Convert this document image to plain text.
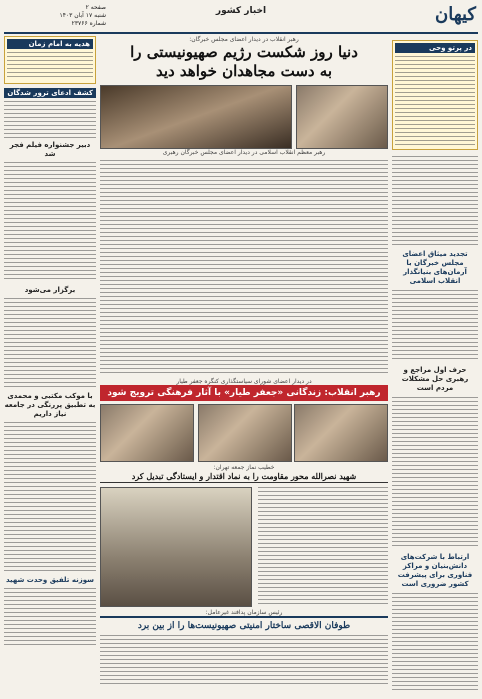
کیهان
اخبار کشور
صفحه ۲
شنبه ۱۷ آبان ۱۴۰۳
شماره ۲۳۷۶۶
در پرتو وحی
تجدید میثاق اعضای مجلس خبرگان با آرمان‌های بنیانگذار انقلاب اسلامی
حرف اول مراجع و رهبری حل مشکلات مردم است
ارتباط با شرکت‌های دانش‌بنیان و مراکز فناوری برای پیشرفت کشور ضروری است
هدیه به امام زمان
کشف ادعای ترور شدگان
دبیر جشنواره فیلم فجر شد
برگزار می‌شود
با موکب مکتبی و محمدی به تطبیق پررنگی در جامعه نیاز داریم
سوزنه تلفیق وحدت شهید
رهبر انقلاب در دیدار اعضای مجلس خبرگان:
دنیا روز شکست رژیم صهیونیستی را
به دست مجاهدان خواهد دید
رهبر معظم انقلاب اسلامی در دیدار اعضای مجلس خبرگان رهبری
در دیدار اعضای شورای سیاستگذاری کنگره جعفر طیار
رهبر انقلاب: زندگانی «جعفر طیار» با آثار فرهنگی ترویج شود
خطیب نماز جمعه تهران:
شهید نصرالله محور مقاومت را به نماد اقتدار و ایستادگی تبدیل کرد
رئیس سازمان پدافند غیرعامل:
طوفان الاقصی ساختار امنیتی صهیونیست‌ها را از بین برد
